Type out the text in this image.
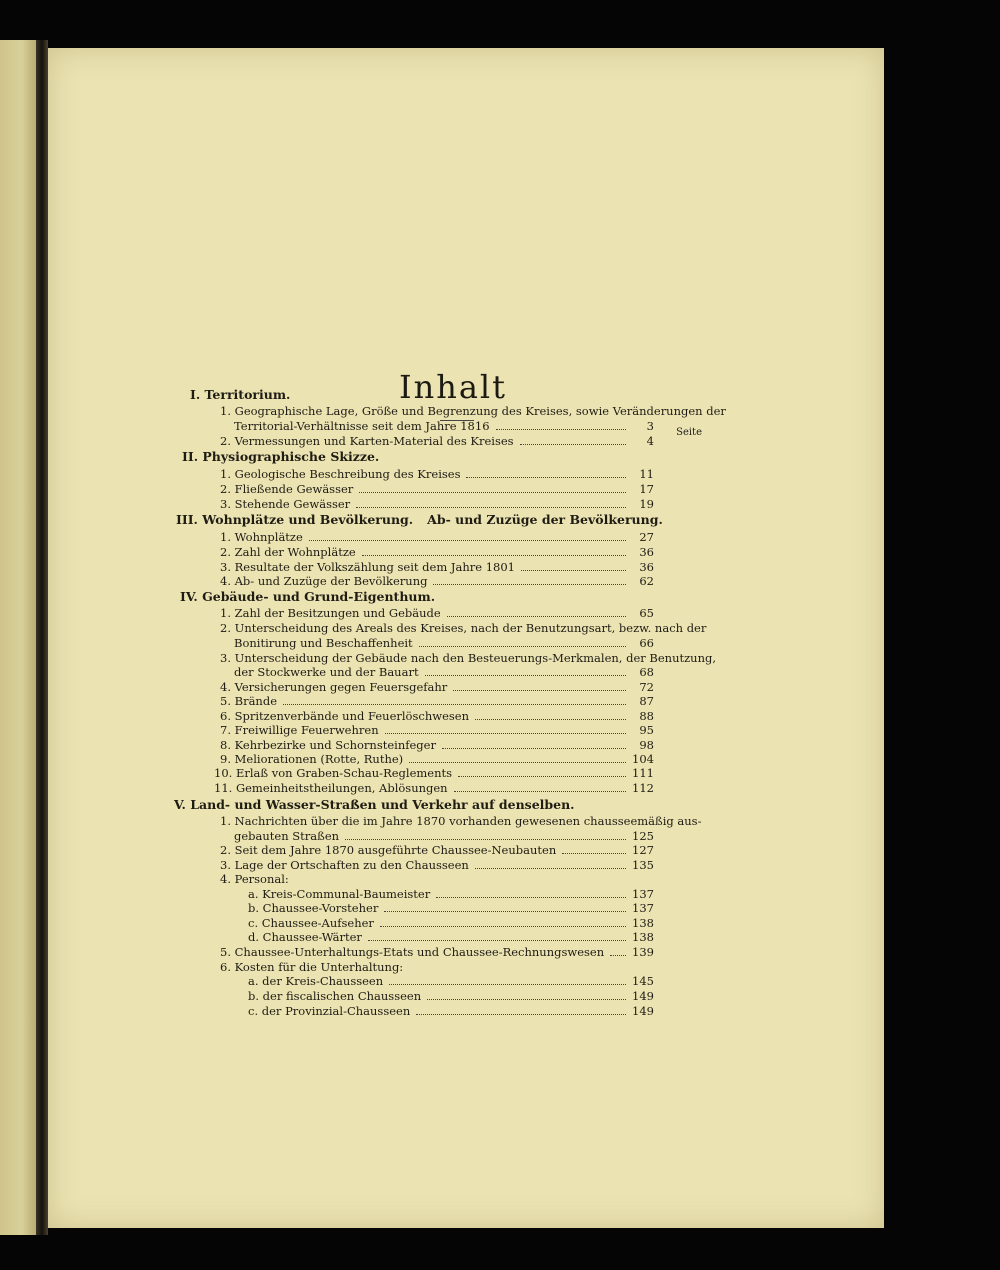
Inhalt
Seite
I. Territorium.
1. Geographische Lage, Größe und Begrenzung des Kreises, sowie Veränderungen der
Territorial-Verhältnisse seit dem Jahre 1816	3
2. Vermessungen und Karten-Material des Kreises	4
II. Physiographische Skizze.
1. Geologische Beschreibung des Kreises	11
2. Fließende Gewässer	17
3. Stehende Gewässer	19
III. Wohnplätze und Bevölkerung. Ab- und Zuzüge der Bevölkerung.
1. Wohnplätze	27
2. Zahl der Wohnplätze	36
3. Resultate der Volkszählung seit dem Jahre 1801	36
4. Ab- und Zuzüge der Bevölkerung	62
IV. Gebäude- und Grund-Eigenthum.
1. Zahl der Besitzungen und Gebäude	65
2. Unterscheidung des Areals des Kreises, nach der Benutzungsart, bezw. nach der
Bonitirung und Beschaffenheit	66
3. Unterscheidung der Gebäude nach den Besteuerungs-Merkmalen, der Benutzung,
der Stockwerke und der Bauart	68
4. Versicherungen gegen Feuersgefahr	72
5. Brände	87
6. Spritzenverbände und Feuerlöschwesen	88
7. Freiwillige Feuerwehren	95
8. Kehrbezirke und Schornsteinfeger	98
9. Meliorationen (Rotte, Ruthe)	104
10. Erlaß von Graben-Schau-Reglements	111
11. Gemeinheitstheilungen, Ablösungen	112
V. Land- und Wasser-Straßen und Verkehr auf denselben.
1. Nachrichten über die im Jahre 1870 vorhanden gewesenen chausseemäßig aus-
gebauten Straßen	125
2. Seit dem Jahre 1870 ausgeführte Chaussee-Neubauten	127
3. Lage der Ortschaften zu den Chausseen	135
4. Personal:
a. Kreis-Communal-Baumeister	137
b. Chaussee-Vorsteher	137
c. Chaussee-Aufseher	138
d. Chaussee-Wärter	138
5. Chaussee-Unterhaltungs-Etats und Chaussee-Rechnungswesen 139
6. Kosten für die Unterhaltung:
a. der Kreis-Chausseen	145
b. der fiscalischen Chausseen	149
c. der Provinzial-Chausseen	149
